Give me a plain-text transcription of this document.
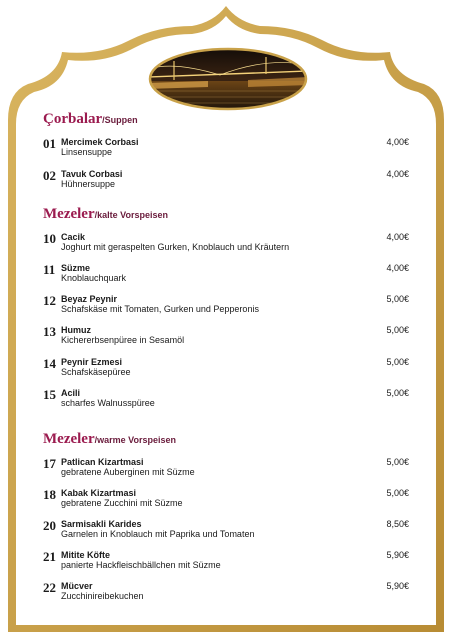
Çorbalar/Suppen
Mezeler/kalte Vorspeisen
Mezeler/warme Vorspeisen
01 Mercimek Corbasi
Linsensuppe
4,00€
02 Tavuk Corbasi
Hühnersuppe
4,00€
10 Cacik
Joghurt mit geraspelten Gurken, Knoblauch und Kräutern
4,00€
11 Süzme
Knoblauchquark
4,00€
12 Beyaz Peynir
Schafskäse mit Tomaten, Gurken und Pepperonis
5,00€
13 Humuz
Kichererbsenpüree in Sesamöl
5,00€
14 Peynir Ezmesi
Schafskäsepüree
5,00€
15 Acili
scharfes Walnusspüree
5,00€
17 Patlican Kizartmasi
gebratene Auberginen mit Süzme
5,00€
18 Kabak Kizartmasi
gebratene Zucchini mit Süzme
5,00€
20 Sarmisakli Karides
Garnelen in Knoblauch mit Paprika und Tomaten
8,50€
21 Mitite Köfte
panierte Hackfleischbällchen mit Süzme
5,90€
22 Mücver
Zucchinireibekuchen
5,90€
